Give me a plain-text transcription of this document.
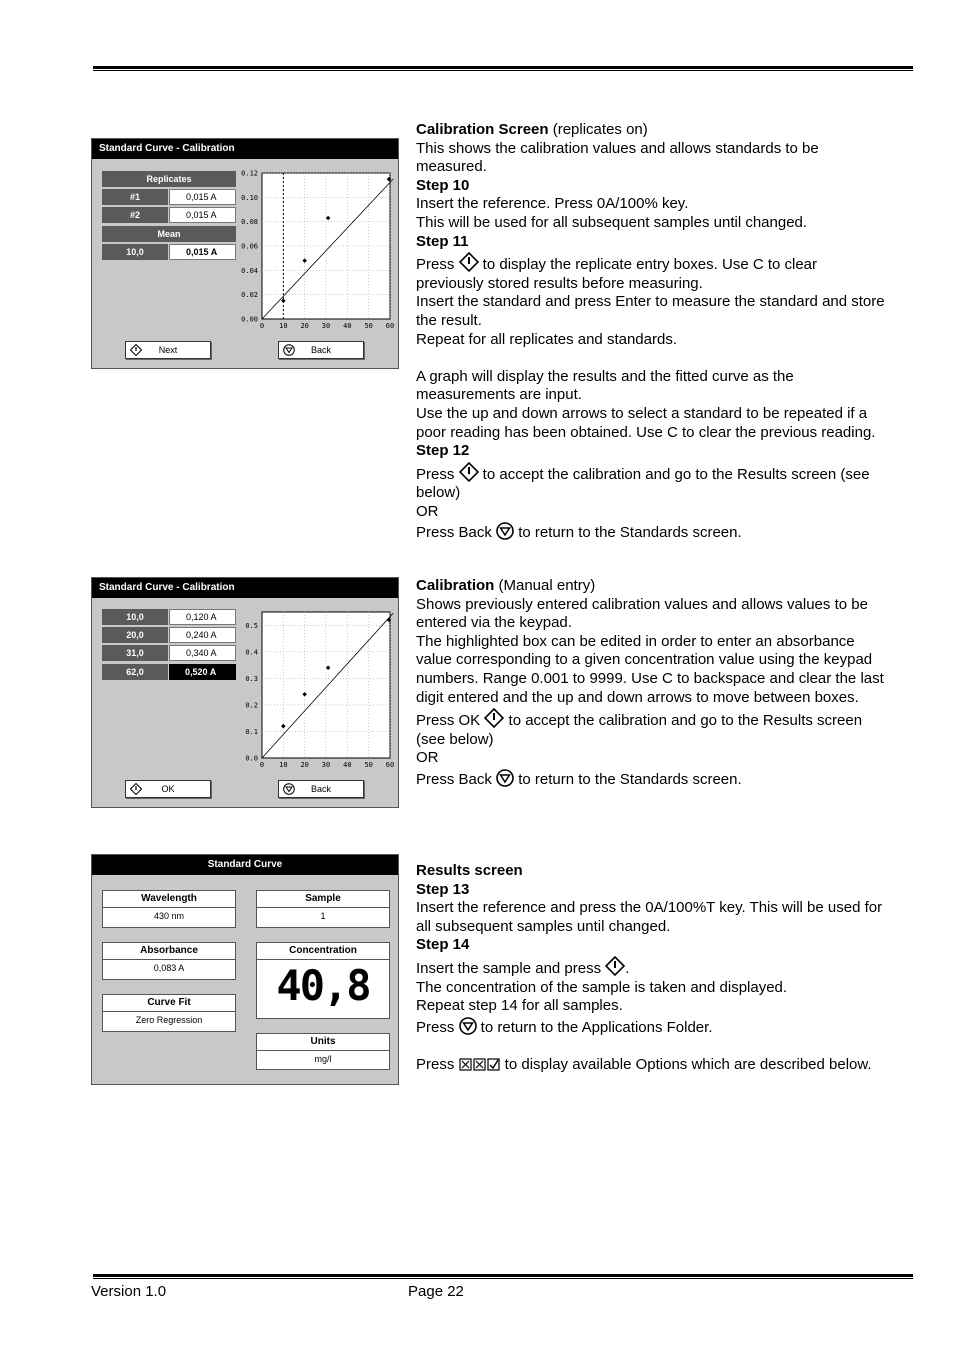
Standard Curve - Calibration
Replicates
#1	0,015 A
#2	0,015 A
Mean
10,0	0,015 A
0 10 20 30 40 50 60
0.00
0.02
0.04
0.06
0.08
0.10
0.12
Next	Back
Standard Curve - Calibration
10,0	0,120 A
20,0	0,240 A
31,0	0,340 A
62,0	0,520 A
0 10 20 30 40 50 60
0.0
0.1
0.2
0.3
0.4
0.5
OK	Back
Standard Curve
Wavelength
430 nm
Sample
1
Absorbance
0,083 A
Concentration
40,8
Curve Fit
Zero Regression
Units
mg/l

Calibration Screen (replicates on)

This shows the calibration values and allows standards to be measured.

Step 10

Insert the reference. Press 0A/100% key.

This will be used for all subsequent samples until changed.

Step 11

Press  to display the replicate entry boxes. Use C to clear previously stored results before measuring.

Insert the standard and press Enter to measure the standard and store the result.

Repeat for all replicates and standards.

A graph will display the results and the fitted curve as the measurements are input.

Use the up and down arrows to select a standard to be repeated if a poor reading has been obtained. Use C to clear the previous reading.

Step 12

Press  to accept the calibration and go to the Results screen (see below)

OR

Press Back  to return to the Standards screen.

Calibration (Manual entry)

Shows previously entered calibration values and allows values to be entered via the keypad.

The highlighted box can be edited in order to enter an absorbance value corresponding to a given concentration value using the keypad numbers. Range 0.001 to 9999. Use C to backspace and clear the last digit entered and the up and down arrows to move between boxes.

Press OK  to accept the calibration and go to the Results screen (see below)

OR

Press Back  to return to the Standards screen.

Results screen

Step 13

Insert the reference and press the 0A/100%T key. This will be used for all subsequent samples until changed.

Step 14

Insert the sample and press .

The concentration of the sample is taken and displayed.

Repeat step 14 for all samples.

Press  to return to the Applications Folder.

Press	to display available Options which are described below.

Version 1.0	Page 22
